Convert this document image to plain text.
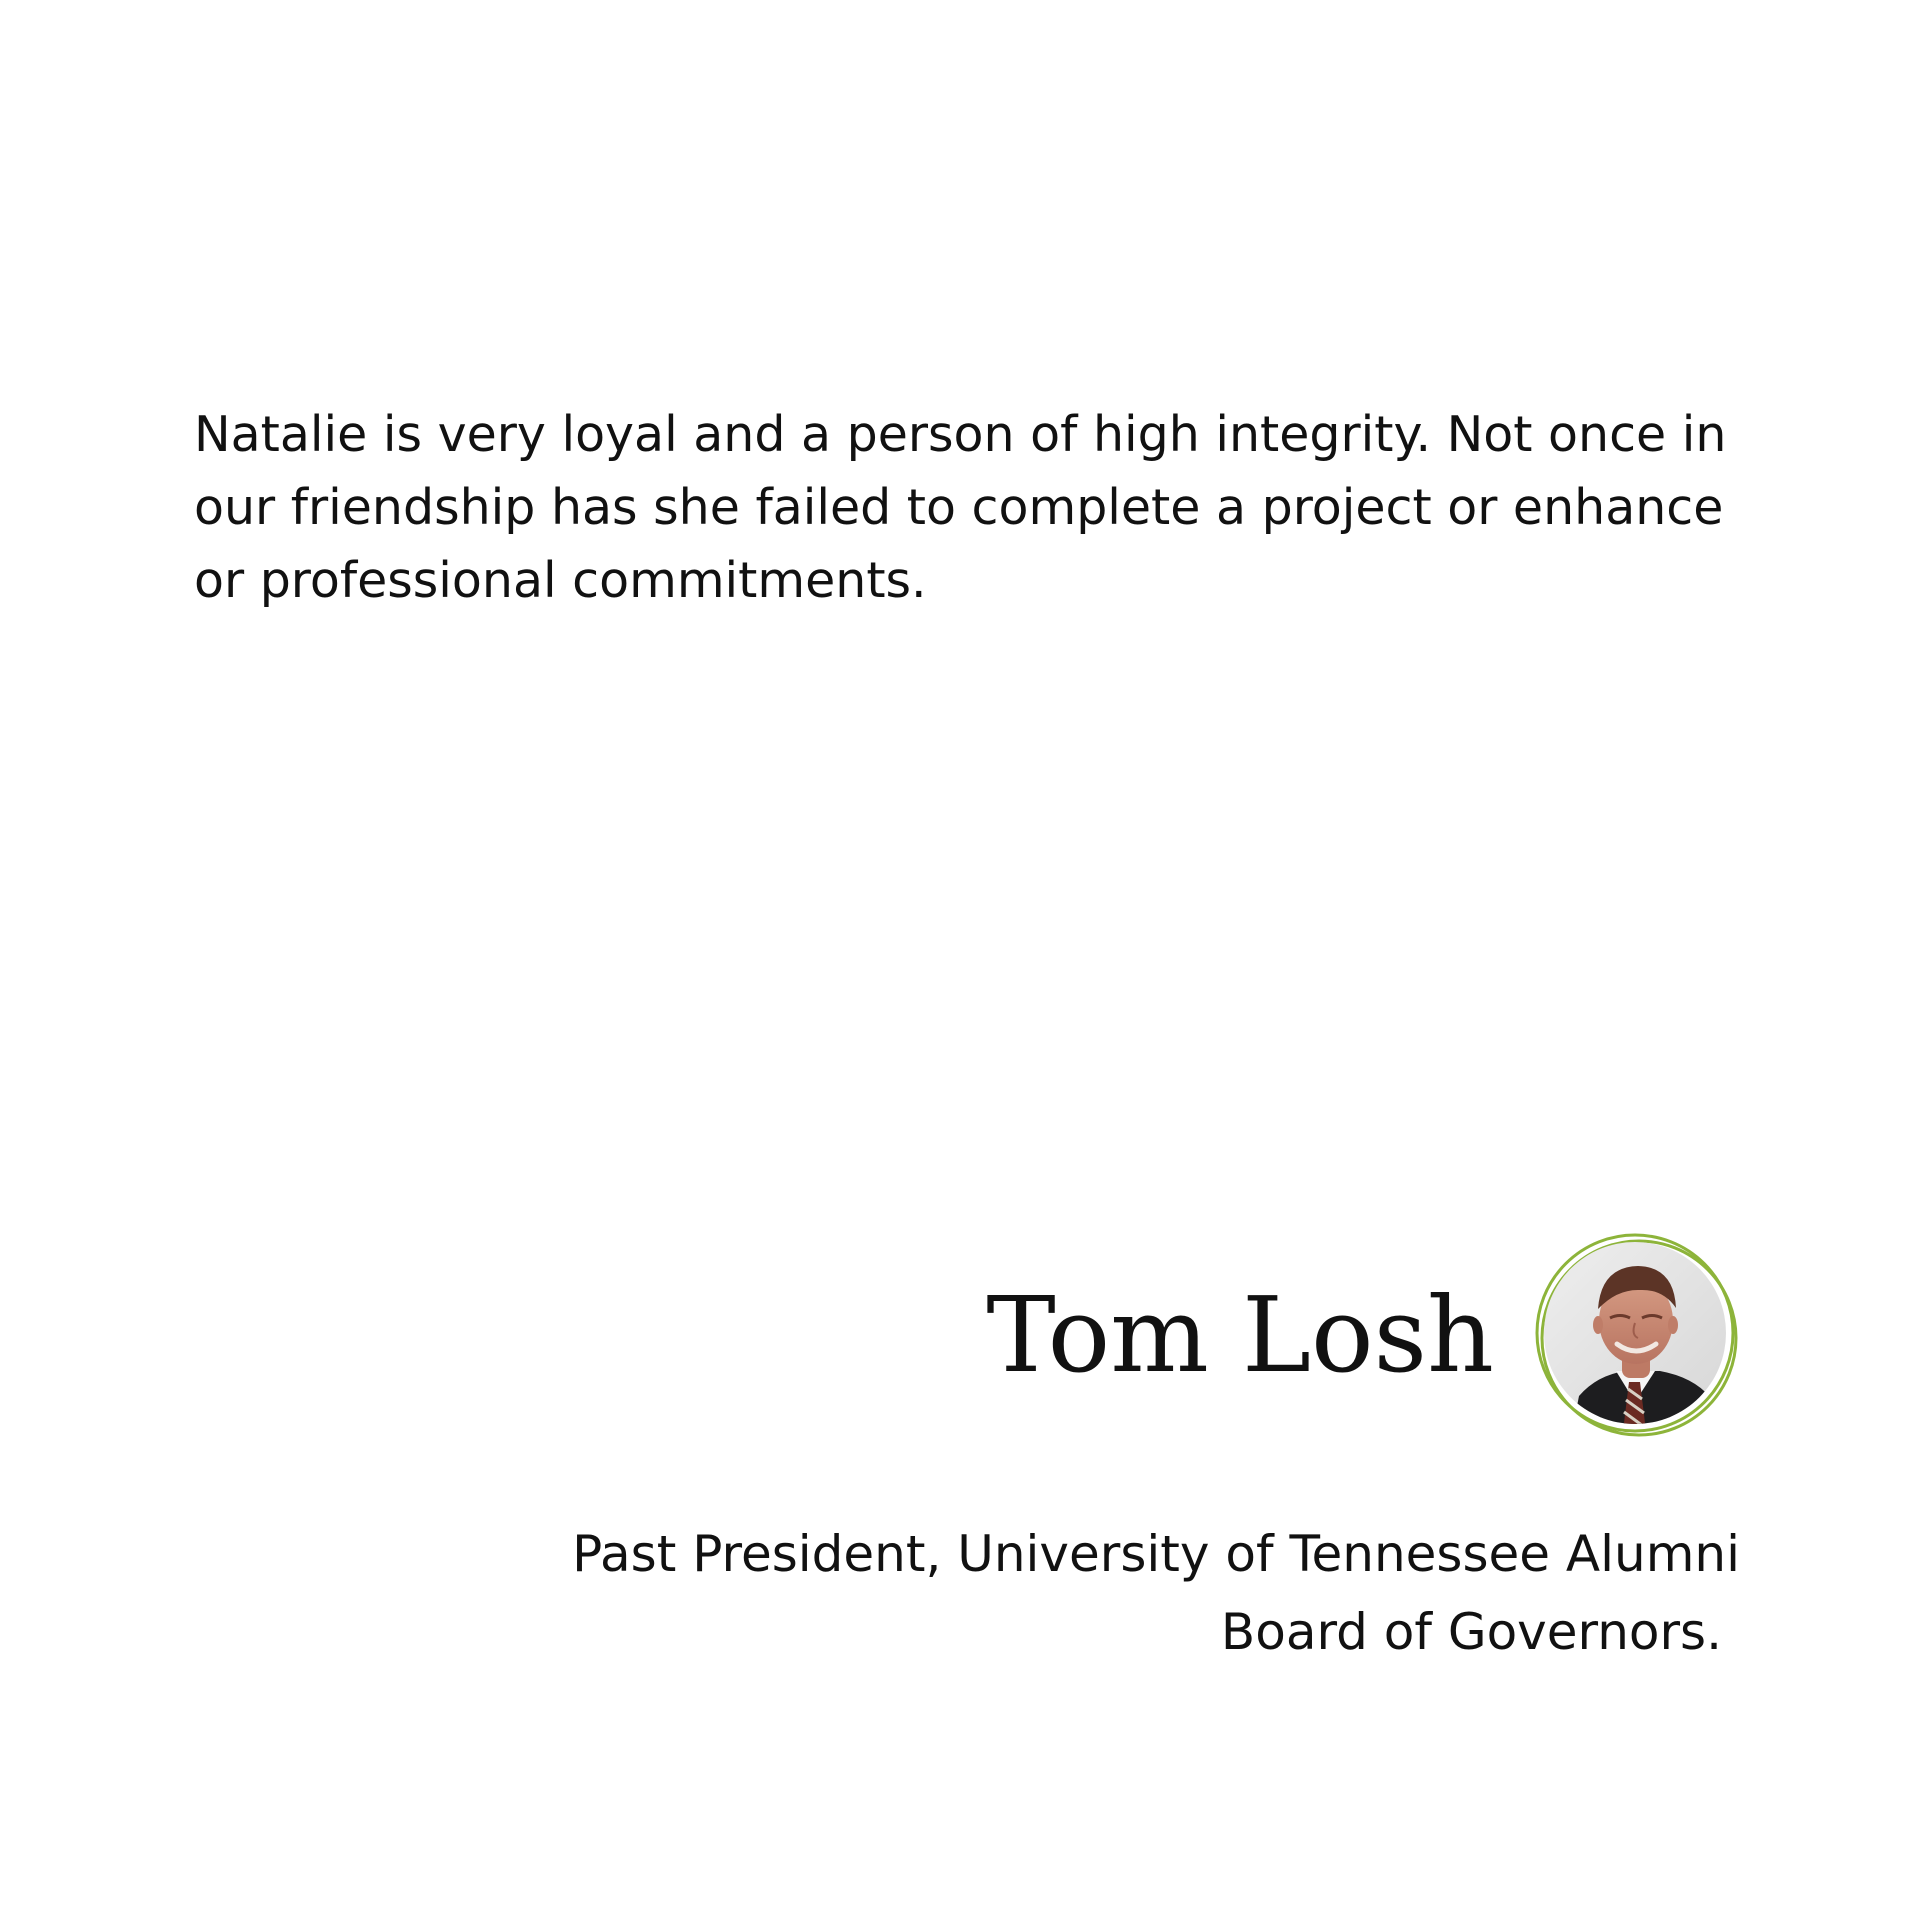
Natalie is very loyal and a person of high integrity. Not once in our friendship has she failed to complete a project or enhance or professional commitments.

Tom Losh

Past President, University of Tennessee Alumni
Board of Governors.
